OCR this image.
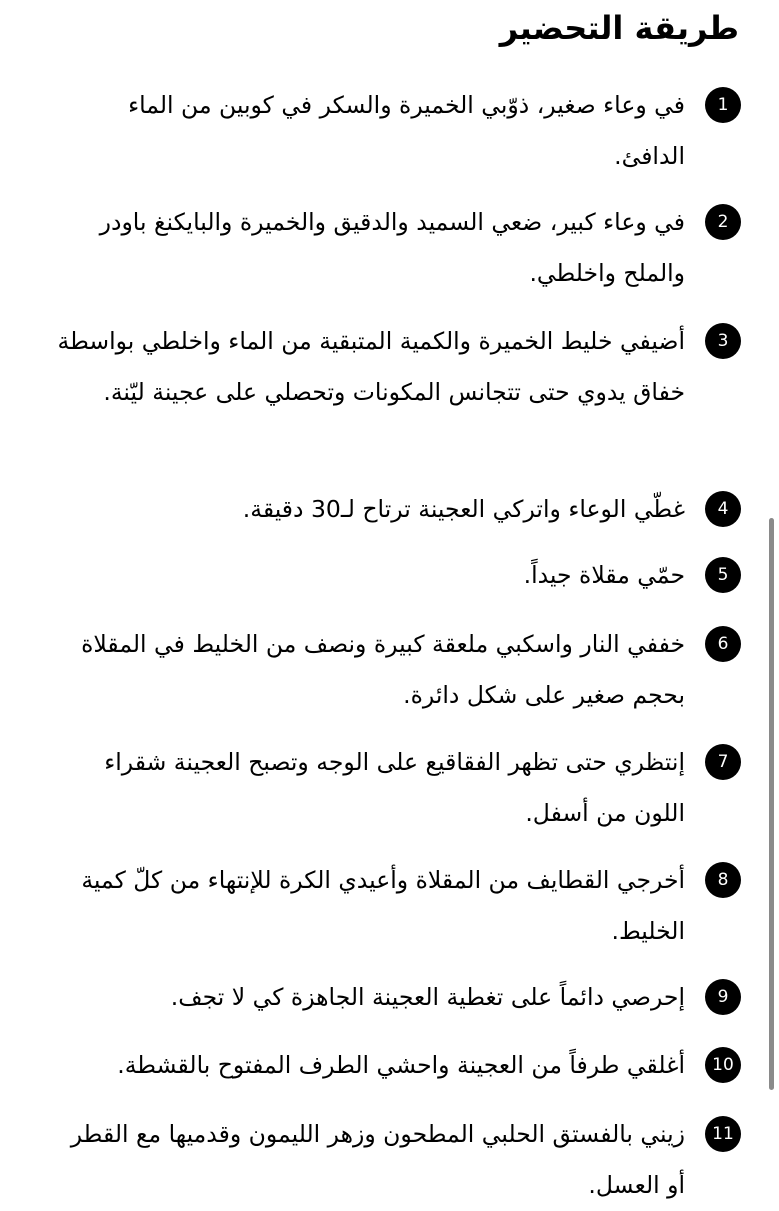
طريقة التحضير
1

في وعاء صغير، ذوّبي الخميرة والسكر في كوبين من الماء الدافئ.

2

في وعاء كبير، ضعي السميد والدقيق والخميرة والبايكنغ باودر والملح واخلطي.

3

أضيفي خليط الخميرة والكمية المتبقية من الماء واخلطي بواسطة خفاق يدوي حتى تتجانس المكونات وتحصلي على عجينة ليّنة.

4

غطّي الوعاء واتركي العجينة ترتاح لـ30 دقيقة.

5

حمّي مقلاة جيداً.

6

خففي النار واسكبي ملعقة كبيرة ونصف من الخليط في المقلاة بحجم صغير على شكل دائرة.

7

إنتظري حتى تظهر الفقاقيع على الوجه وتصبح العجينة شقراء اللون من أسفل.

8

أخرجي القطايف من المقلاة وأعيدي الكرة للإنتهاء من كلّ كمية الخليط.

9

إحرصي دائماً على تغطية العجينة الجاهزة كي لا تجف.

10

أغلقي طرفاً من العجينة واحشي الطرف المفتوح بالقشطة.

11

زيني بالفستق الحلبي المطحون وزهر الليمون وقدميها مع القطر أو العسل.
